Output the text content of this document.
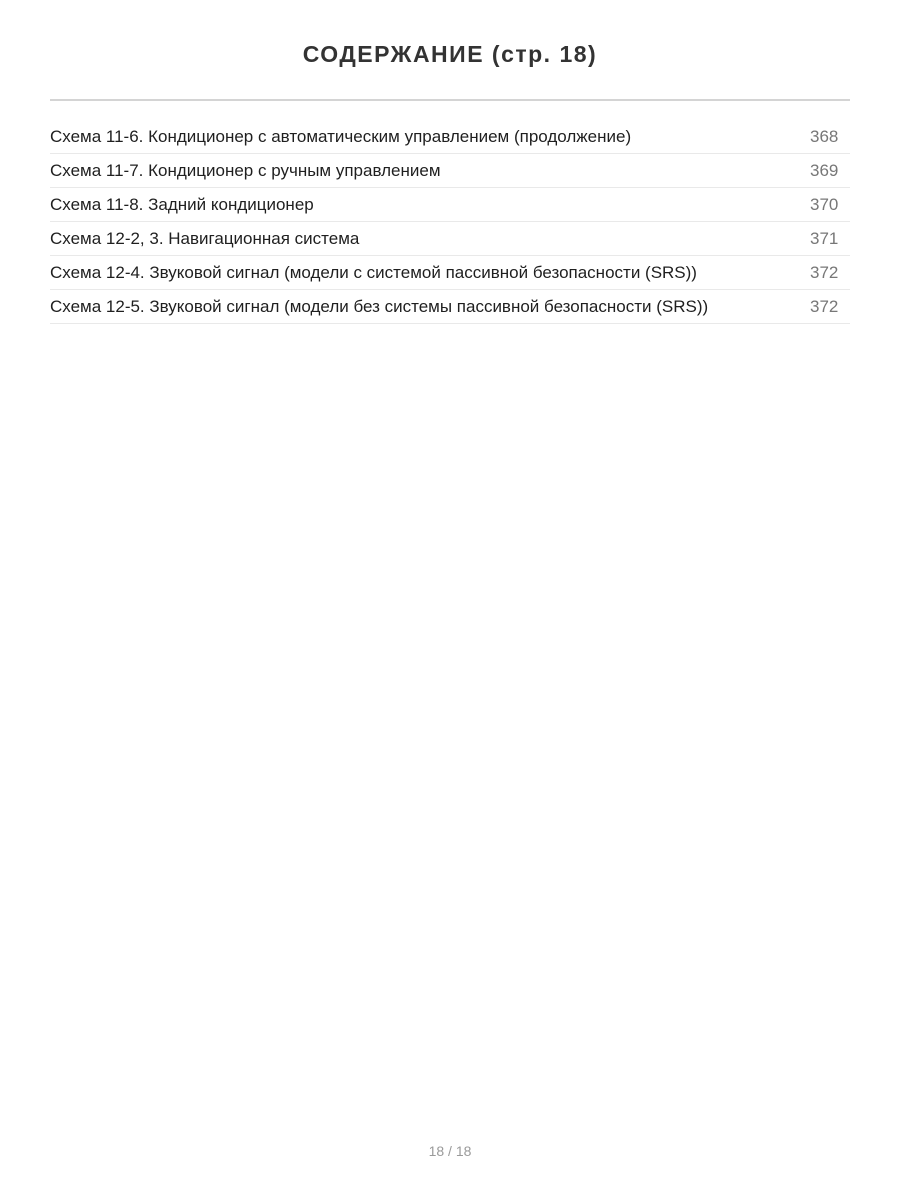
СОДЕРЖАНИЕ (стр. 18)
Схема 11-6. Кондиционер с автоматическим управлением (продолжение)	368
Схема 11-7. Кондиционер с ручным управлением	369
Схема 11-8. Задний кондиционер	370
Схема 12-2, 3. Навигационная система	371
Схема 12-4. Звуковой сигнал (модели с системой пассивной безопасности (SRS))	372
Схема 12-5. Звуковой сигнал (модели без системы пассивной безопасности (SRS))	372
18 / 18
